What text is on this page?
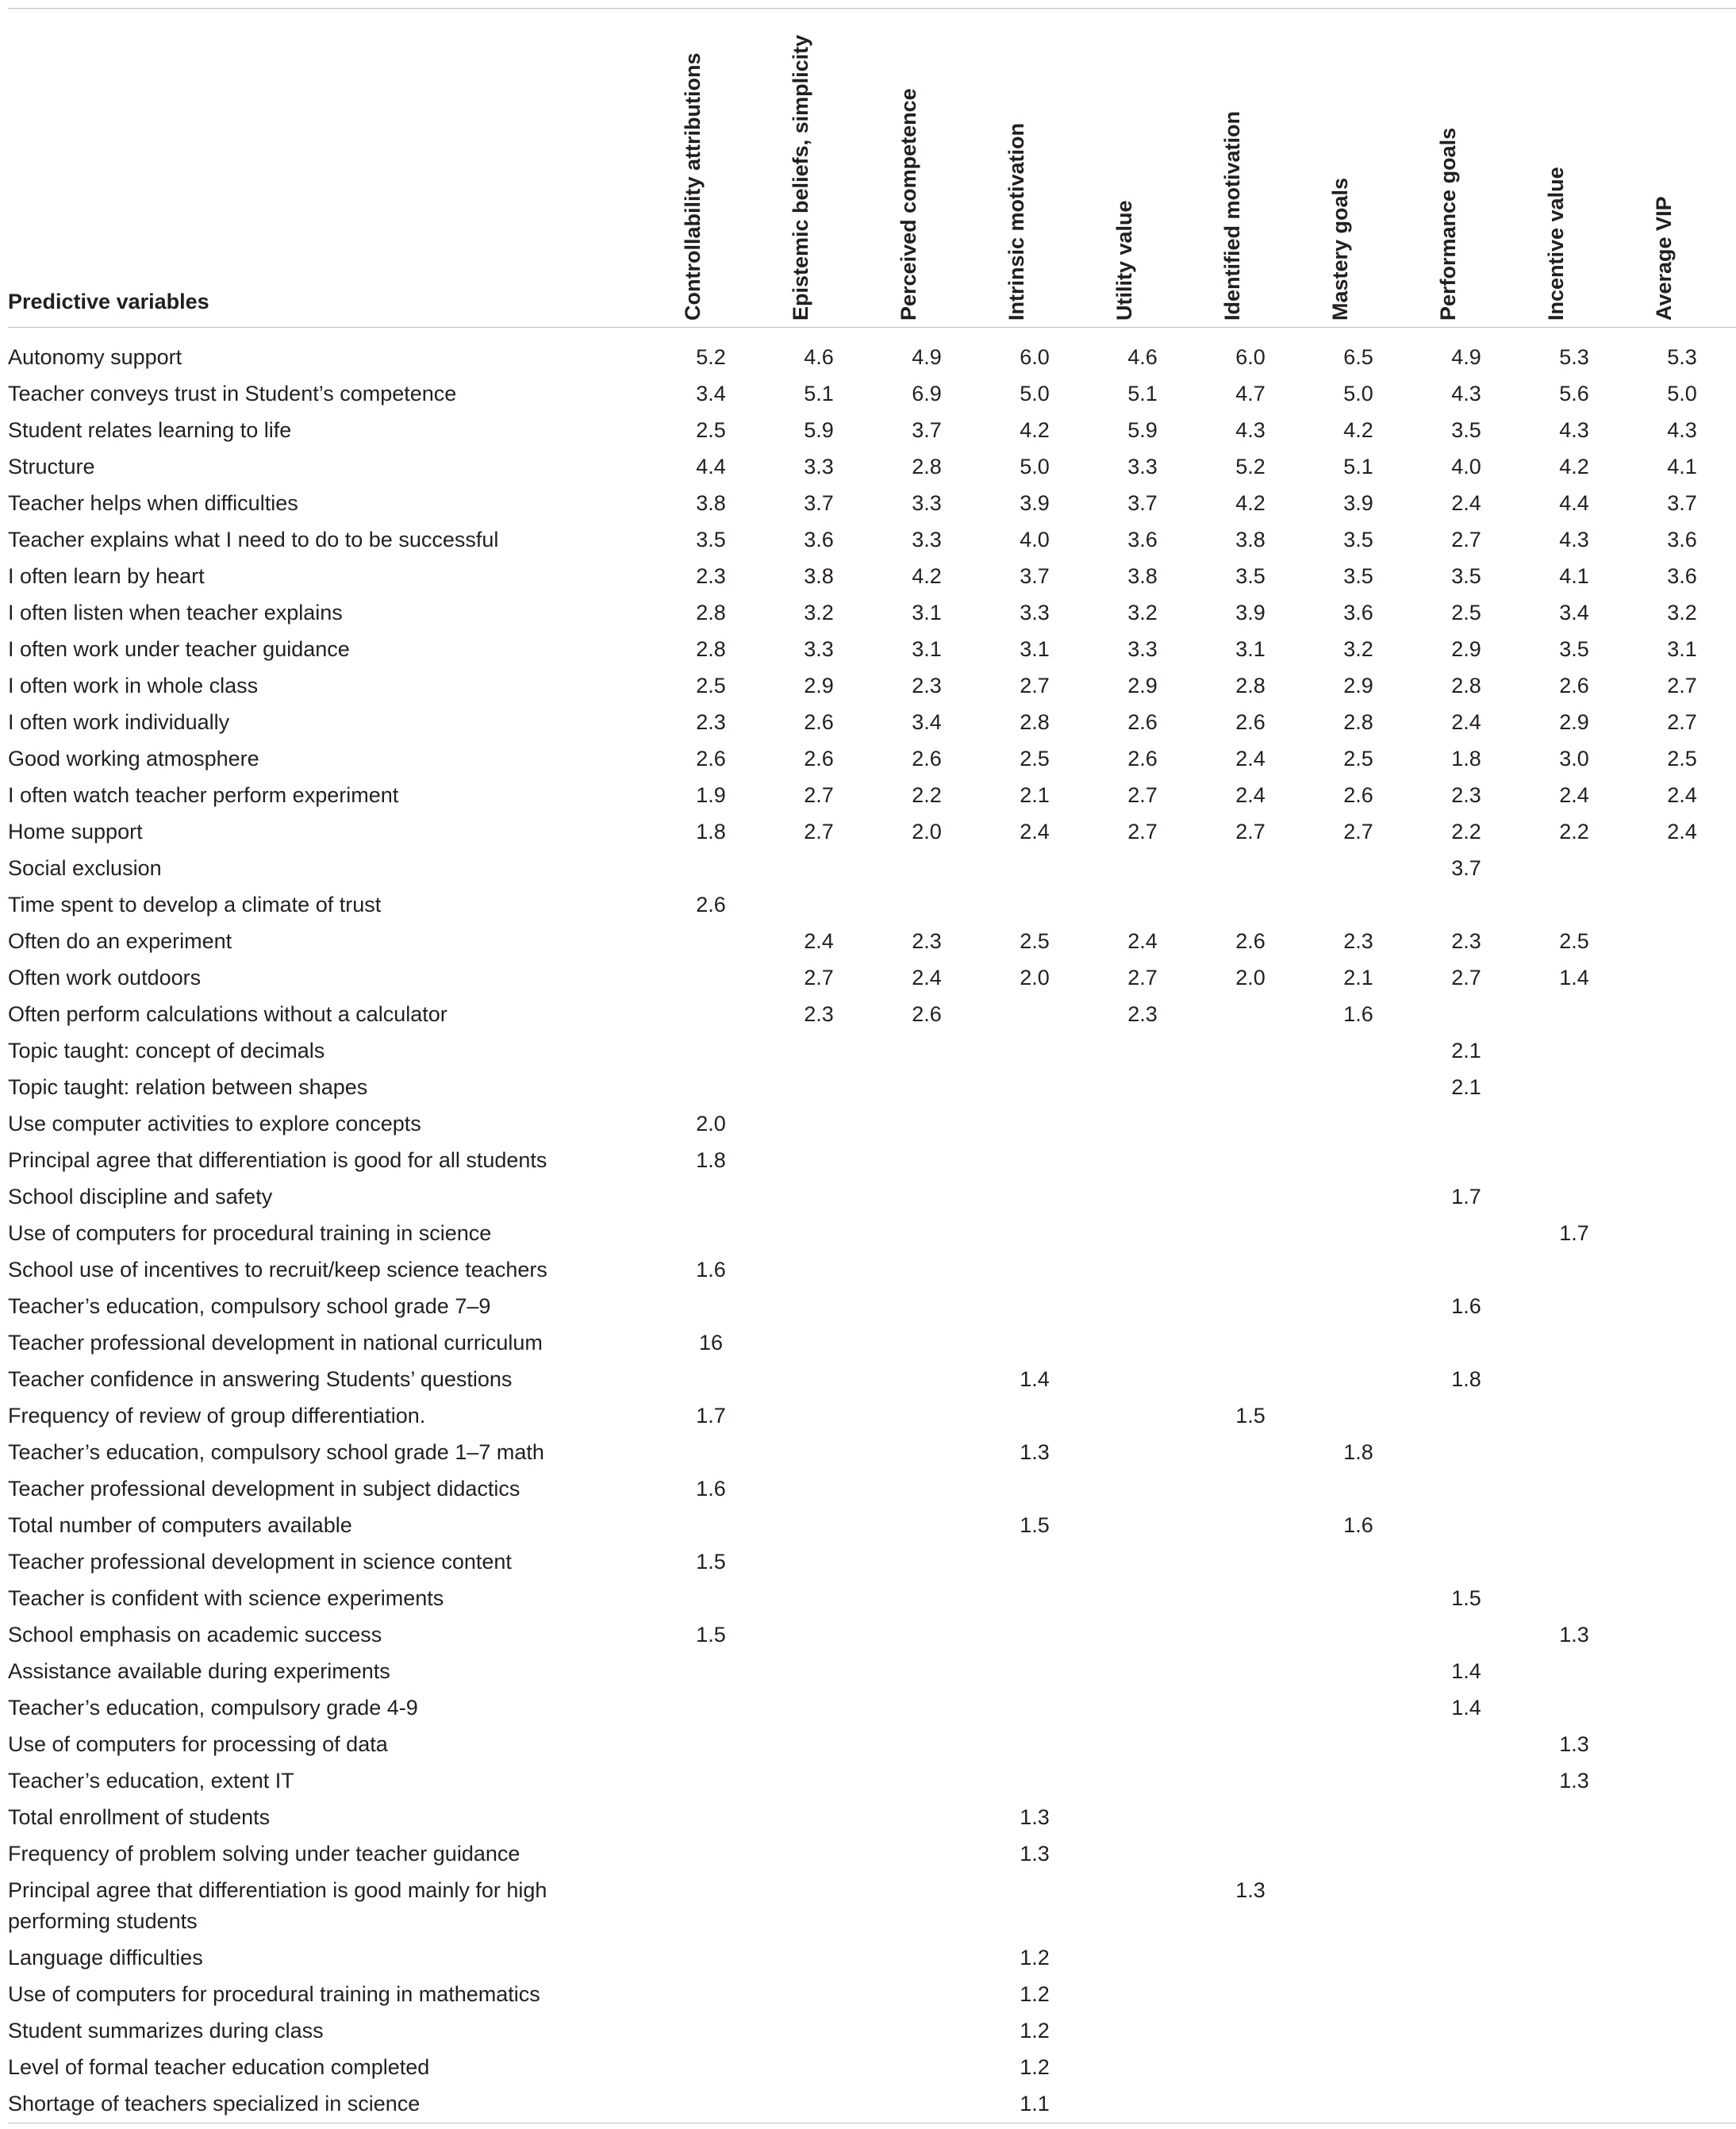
Predictive variables	Controllability attributions	Epistemic beliefs, simplicity	Perceived competence	Intrinsic motivation	Utility value	Identified motivation	Mastery goals	Performance goals	Incentive value	Average VIP

Autonomy support	5.2	4.6	4.9	6.0	4.6	6.0	6.5	4.9	5.3	5.3
Teacher conveys trust in Student’s competence	3.4	5.1	6.9	5.0	5.1	4.7	5.0	4.3	5.6	5.0
Student relates learning to life	2.5	5.9	3.7	4.2	5.9	4.3	4.2	3.5	4.3	4.3
Structure	4.4	3.3	2.8	5.0	3.3	5.2	5.1	4.0	4.2	4.1
Teacher helps when difficulties	3.8	3.7	3.3	3.9	3.7	4.2	3.9	2.4	4.4	3.7
Teacher explains what I need to do to be successful	3.5	3.6	3.3	4.0	3.6	3.8	3.5	2.7	4.3	3.6
I often learn by heart	2.3	3.8	4.2	3.7	3.8	3.5	3.5	3.5	4.1	3.6
I often listen when teacher explains	2.8	3.2	3.1	3.3	3.2	3.9	3.6	2.5	3.4	3.2
I often work under teacher guidance	2.8	3.3	3.1	3.1	3.3	3.1	3.2	2.9	3.5	3.1
I often work in whole class	2.5	2.9	2.3	2.7	2.9	2.8	2.9	2.8	2.6	2.7
I often work individually	2.3	2.6	3.4	2.8	2.6	2.6	2.8	2.4	2.9	2.7
Good working atmosphere	2.6	2.6	2.6	2.5	2.6	2.4	2.5	1.8	3.0	2.5
I often watch teacher perform experiment	1.9	2.7	2.2	2.1	2.7	2.4	2.6	2.3	2.4	2.4
Home support	1.8	2.7	2.0	2.4	2.7	2.7	2.7	2.2	2.2	2.4
Social exclusion								3.7		
Time spent to develop a climate of trust	2.6									
Often do an experiment		2.4	2.3	2.5	2.4	2.6	2.3	2.3	2.5	
Often work outdoors		2.7	2.4	2.0	2.7	2.0	2.1	2.7	1.4	
Often perform calculations without a calculator		2.3	2.6		2.3		1.6			
Topic taught: concept of decimals								2.1		
Topic taught: relation between shapes								2.1		
Use computer activities to explore concepts	2.0									
Principal agree that differentiation is good for all students	1.8									
School discipline and safety								1.7		
Use of computers for procedural training in science									1.7	
School use of incentives to recruit/keep science teachers	1.6									
Teacher’s education, compulsory school grade 7–9								1.6		
Teacher professional development in national curriculum	16									
Teacher confidence in answering Students’ questions				1.4				1.8		
Frequency of review of group differentiation.	1.7					1.5				
Teacher’s education, compulsory school grade 1–7 math				1.3			1.8			
Teacher professional development in subject didactics	1.6									
Total number of computers available				1.5			1.6			
Teacher professional development in science content	1.5									
Teacher is confident with science experiments								1.5		
School emphasis on academic success	1.5								1.3	
Assistance available during experiments								1.4		
Teacher’s education, compulsory grade 4-9								1.4		
Use of computers for processing of data									1.3	
Teacher’s education, extent IT									1.3	
Total enrollment of students				1.3						
Frequency of problem solving under teacher guidance				1.3						
Principal agree that differentiation is good mainly for high performing students						1.3				
Language difficulties				1.2						
Use of computers for procedural training in mathematics				1.2						
Student summarizes during class				1.2						
Level of formal teacher education completed				1.2						
Shortage of teachers specialized in science				1.1						
